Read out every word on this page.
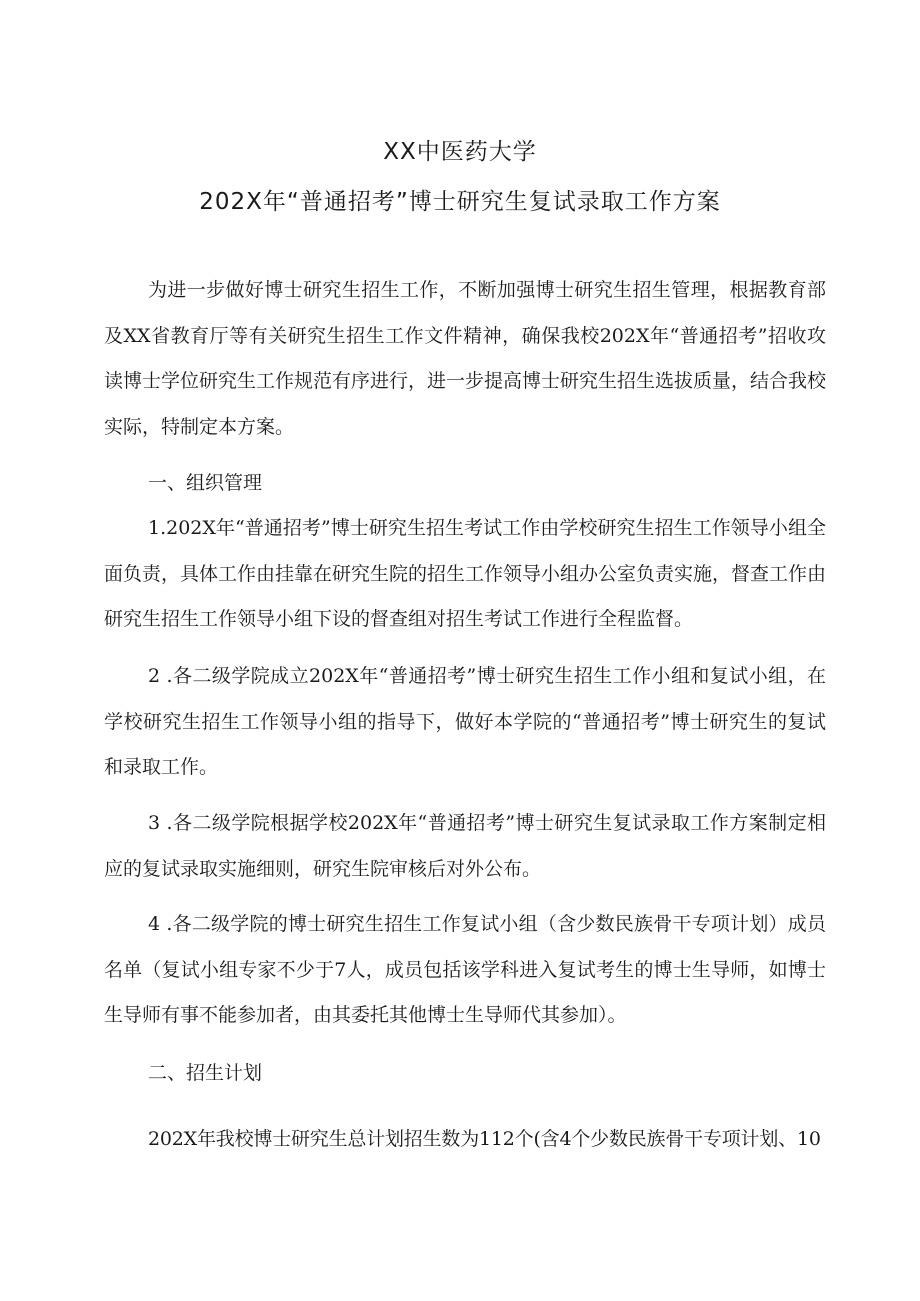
XX中医药大学
202X年“普通招考”博士研究生复试录取工作方案

为进一步做好博士研究生招生工作，不断加强博士研究生招生管理，根据教育部及XX省教育厅等有关研究生招生工作文件精神，确保我校202X年“普通招考”招收攻读博士学位研究生工作规范有序进行，进一步提高博士研究生招生选拔质量，结合我校实际，特制定本方案。

一、组织管理

1.202X年“普通招考”博士研究生招生考试工作由学校研究生招生工作领导小组全面负责，具体工作由挂靠在研究生院的招生工作领导小组办公室负责实施，督查工作由研究生招生工作领导小组下设的督查组对招生考试工作进行全程监督。

2 .各二级学院成立202X年“普通招考”博士研究生招生工作小组和复试小组，在学校研究生招生工作领导小组的指导下，做好本学院的“普通招考”博士研究生的复试和录取工作。

3 .各二级学院根据学校202X年“普通招考”博士研究生复试录取工作方案制定相应的复试录取实施细则，研究生院审核后对外公布。

4 .各二级学院的博士研究生招生工作复试小组（含少数民族骨干专项计划）成员名单（复试小组专家不少于7人，成员包括该学科进入复试考生的博士生导师，如博士生导师有事不能参加者，由其委托其他博士生导师代其参加）。

二、招生计划

202X年我校博士研究生总计划招生数为112个(含4个少数民族骨干专项计划、10
